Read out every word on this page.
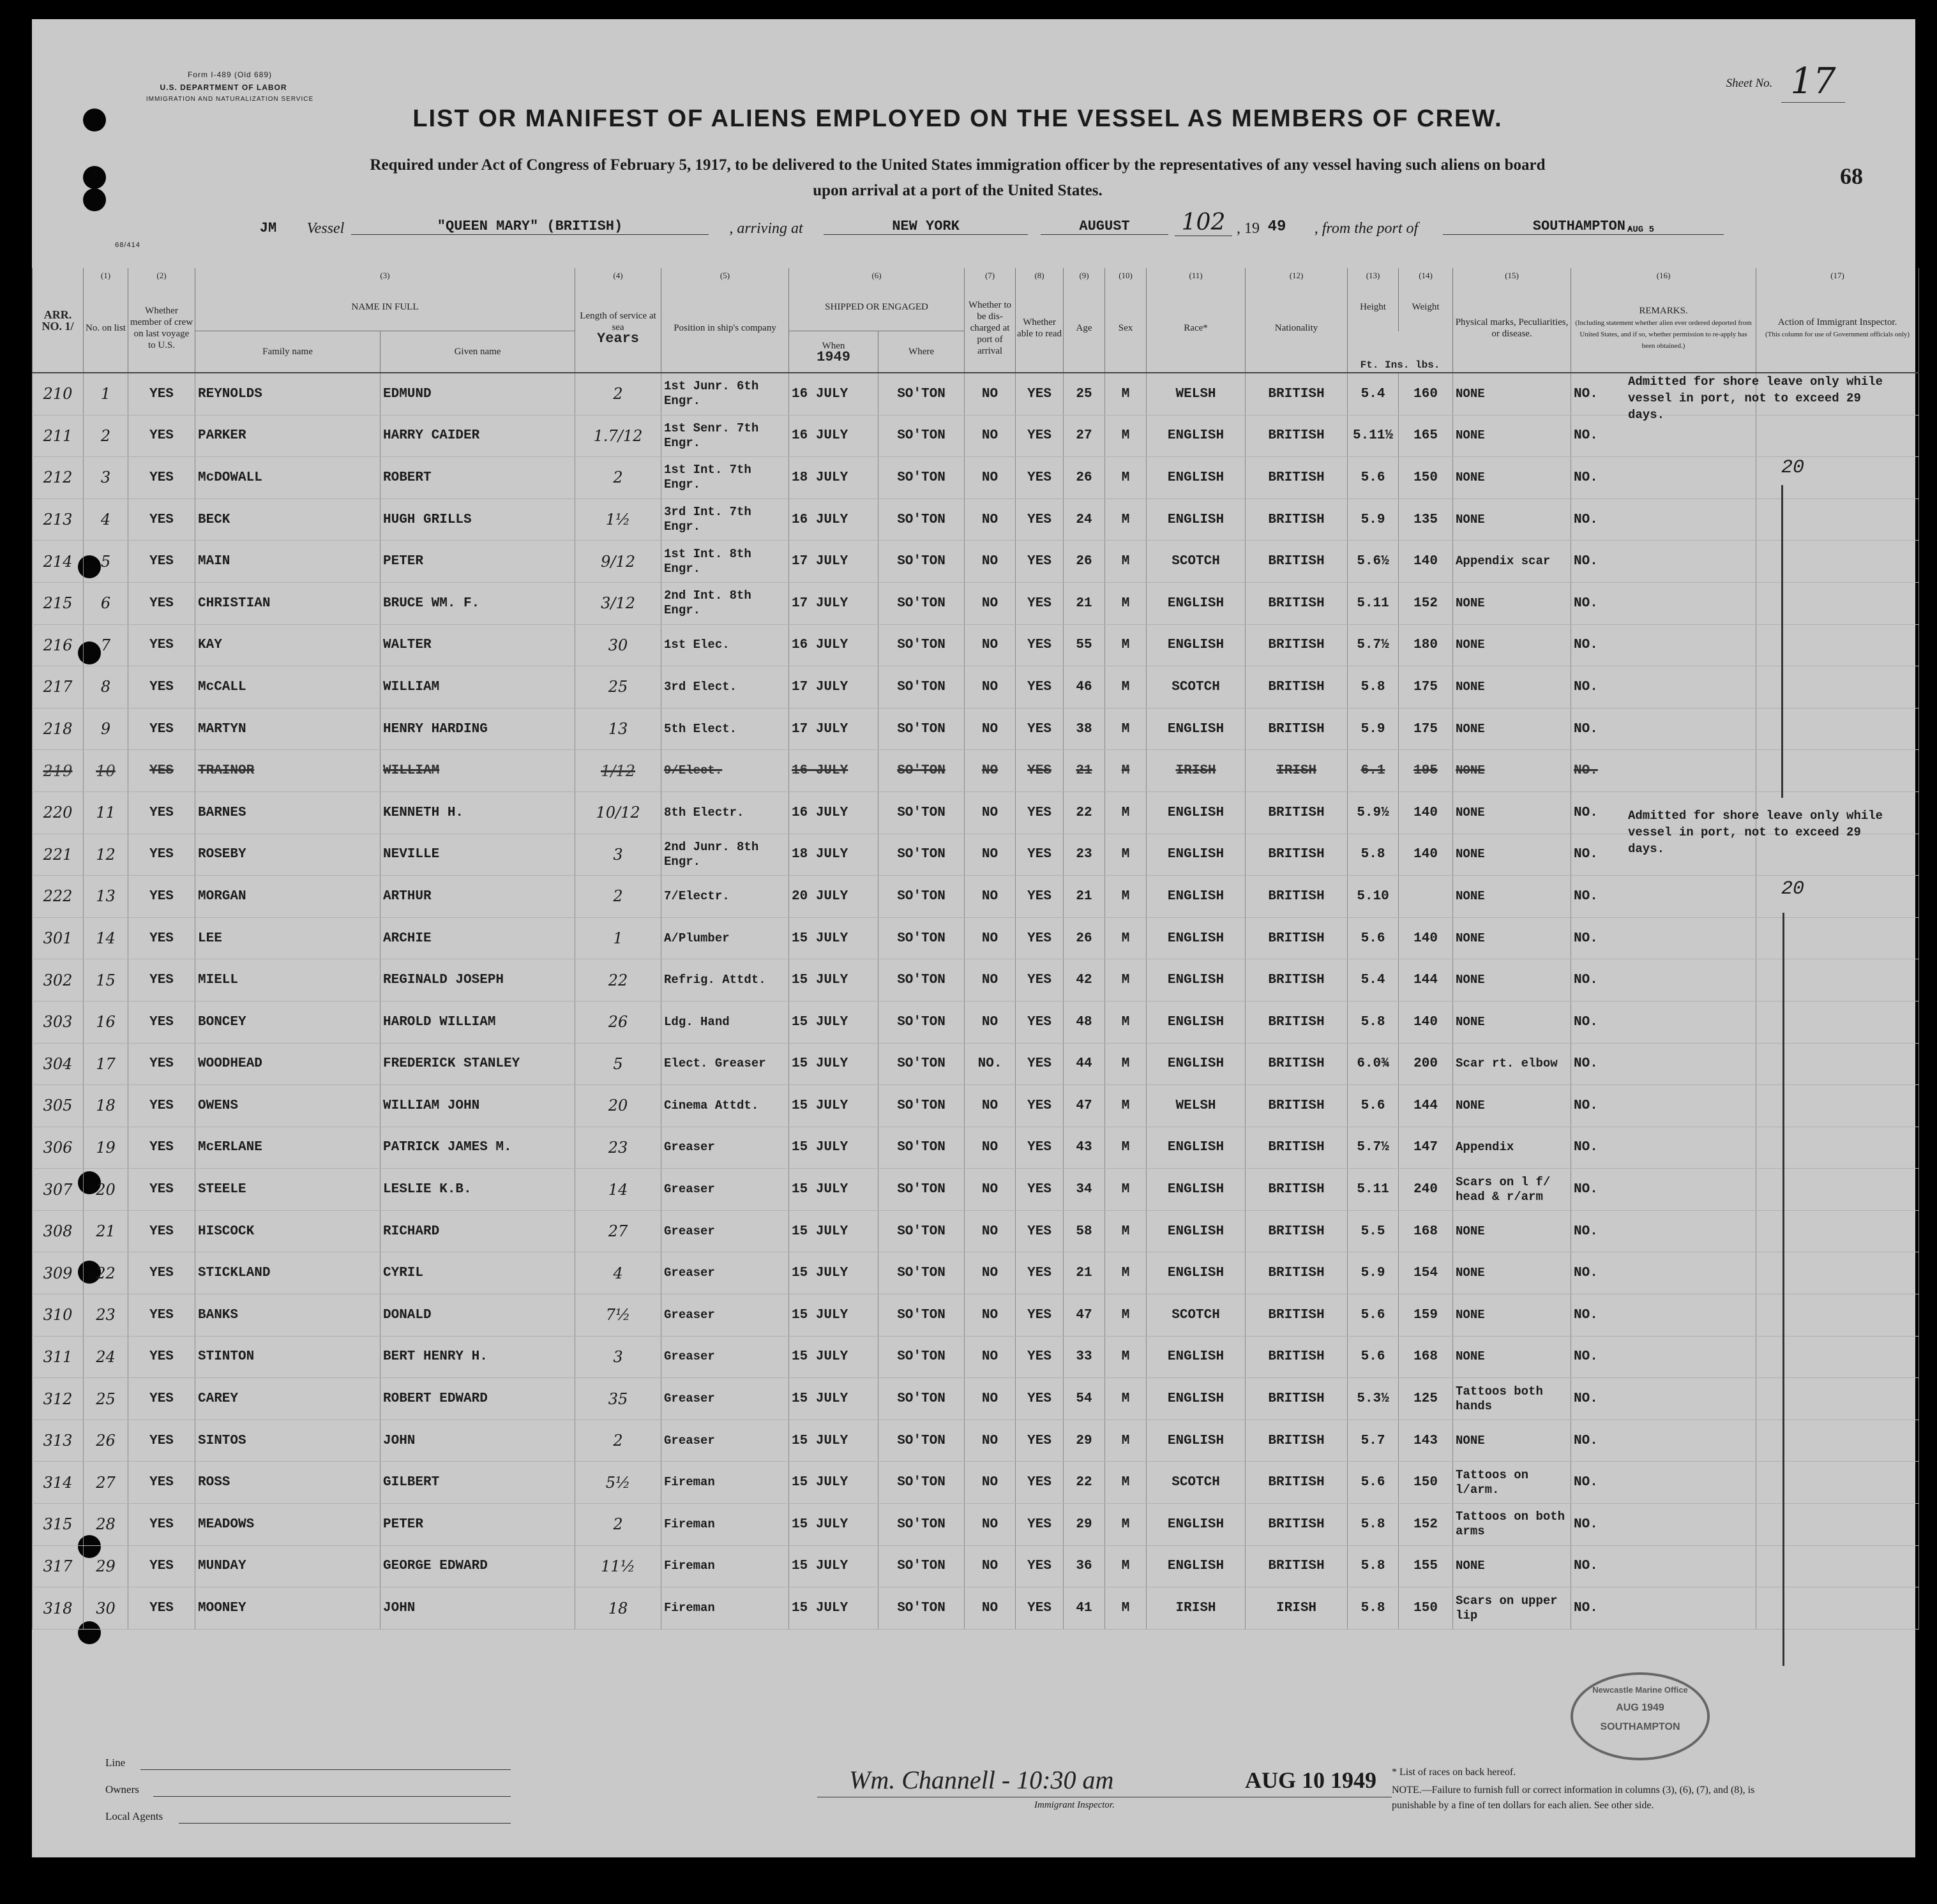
Form I-489 (Old 689)
U.S. DEPARTMENT OF LABOR
IMMIGRATION AND NATURALIZATION SERVICE
68/414
Sheet No. 17
68
LIST OR MANIFEST OF ALIENS EMPLOYED ON THE VESSEL AS MEMBERS OF CREW.
Required under Act of Congress of February 5, 1917, to be delivered to the United States immigration officer by the representatives of any vessel having such aliens on board
upon arrival at a port of the United States.
JM	Vessel	"QUEEN MARY" (BRITISH)	, arriving at	NEW YORK	AUGUST	102 , 19 49	, from the port of	SOUTHAMPTON.
AUG 5
ARR. NO. 1/	(1)	(2)	(3)		(4)	(5)	(6)		(7)	(8)	(9)	(10)	(11)	(12)	(13)	(14)	(15)	(16)	(17)
	No. on list	Whether member of crew on last voyage to U.S.	NAME IN FULL		Length of service at sea
Years	Position in ship's company	SHIPPED OR ENGAGED		Whether to be dis-charged at port of arrival	Whether able to read	Age	Sex	Race*	Nationality	Height	Weight	Physical marks, Peculiarities, or disease.	REMARKS.
(Including statement whether alien ever ordered deported from United States, and if so, whether permission to re-apply has been obtained.)	Action of Immigrant Inspector.
(This column for use of Government officials only)
			Family name	Given name			When
1949	Where							Ft. Ins. lbs.				
210	1	YES	REYNOLDS	EDMUND	2	1st Junr. 6th Engr.	16 JULY	SO'TON	NO	YES	25	M	WELSH	BRITISH	5.4	160	NONE	NO.	
211	2	YES	PARKER	HARRY CAIDER	1.7/12	1st Senr. 7th Engr.	16 JULY	SO'TON	NO	YES	27	M	ENGLISH	BRITISH	5.11½	165	NONE	NO.	
212	3	YES	McDOWALL	ROBERT	2	1st Int. 7th Engr.	18 JULY	SO'TON	NO	YES	26	M	ENGLISH	BRITISH	5.6	150	NONE	NO.	
213	4	YES	BECK	HUGH GRILLS	1½	3rd Int. 7th Engr.	16 JULY	SO'TON	NO	YES	24	M	ENGLISH	BRITISH	5.9	135	NONE	NO.	
214	5	YES	MAIN	PETER	9/12	1st Int. 8th Engr.	17 JULY	SO'TON	NO	YES	26	M	SCOTCH	BRITISH	5.6½	140	Appendix scar	NO.	
215	6	YES	CHRISTIAN	BRUCE WM. F.	3/12	2nd Int. 8th Engr.	17 JULY	SO'TON	NO	YES	21	M	ENGLISH	BRITISH	5.11	152	NONE	NO.	
216	7	YES	KAY	WALTER	30	1st Elec.	16 JULY	SO'TON	NO	YES	55	M	ENGLISH	BRITISH	5.7½	180	NONE	NO.	
217	8	YES	McCALL	WILLIAM	25	3rd Elect.	17 JULY	SO'TON	NO	YES	46	M	SCOTCH	BRITISH	5.8	175	NONE	NO.	
218	9	YES	MARTYN	HENRY HARDING	13	5th Elect.	17 JULY	SO'TON	NO	YES	38	M	ENGLISH	BRITISH	5.9	175	NONE	NO.	
219	10	YES	TRAINOR	WILLIAM	1/12	9/Elect.	16 JULY	SO'TON	NO	YES	21	M	IRISH	IRISH	6.1	195	NONE	NO.	
220	11	YES	BARNES	KENNETH H.	10/12	8th Electr.	16 JULY	SO'TON	NO	YES	22	M	ENGLISH	BRITISH	5.9½	140	NONE	NO.	
221	12	YES	ROSEBY	NEVILLE	3	2nd Junr. 8th Engr.	18 JULY	SO'TON	NO	YES	23	M	ENGLISH	BRITISH	5.8	140	NONE	NO.	
222	13	YES	MORGAN	ARTHUR	2	7/Electr.	20 JULY	SO'TON	NO	YES	21	M	ENGLISH	BRITISH	5.10		NONE	NO.	
301	14	YES	LEE	ARCHIE	1	A/Plumber	15 JULY	SO'TON	NO	YES	26	M	ENGLISH	BRITISH	5.6	140	NONE	NO.	
302	15	YES	MIELL	REGINALD JOSEPH	22	Refrig. Attdt.	15 JULY	SO'TON	NO	YES	42	M	ENGLISH	BRITISH	5.4	144	NONE	NO.	
303	16	YES	BONCEY	HAROLD WILLIAM	26	Ldg. Hand	15 JULY	SO'TON	NO	YES	48	M	ENGLISH	BRITISH	5.8	140	NONE	NO.	
304	17	YES	WOODHEAD	FREDERICK STANLEY	5	Elect. Greaser	15 JULY	SO'TON	NO.	YES	44	M	ENGLISH	BRITISH	6.0¾	200	Scar rt. elbow	NO.	
305	18	YES	OWENS	WILLIAM JOHN	20	Cinema Attdt.	15 JULY	SO'TON	NO	YES	47	M	WELSH	BRITISH	5.6	144	NONE	NO.	
306	19	YES	McERLANE	PATRICK JAMES M.	23	Greaser	15 JULY	SO'TON	NO	YES	43	M	ENGLISH	BRITISH	5.7½	147	Appendix	NO.	
307	20	YES	STEELE	LESLIE K.B.	14	Greaser	15 JULY	SO'TON	NO	YES	34	M	ENGLISH	BRITISH	5.11	240	Scars on l f/ head & r/arm	NO.	
308	21	YES	HISCOCK	RICHARD	27	Greaser	15 JULY	SO'TON	NO	YES	58	M	ENGLISH	BRITISH	5.5	168	NONE	NO.	
309	22	YES	STICKLAND	CYRIL	4	Greaser	15 JULY	SO'TON	NO	YES	21	M	ENGLISH	BRITISH	5.9	154	NONE	NO.	
310	23	YES	BANKS	DONALD	7½	Greaser	15 JULY	SO'TON	NO	YES	47	M	SCOTCH	BRITISH	5.6	159	NONE	NO.	
311	24	YES	STINTON	BERT HENRY H.	3	Greaser	15 JULY	SO'TON	NO	YES	33	M	ENGLISH	BRITISH	5.6	168	NONE	NO.	
312	25	YES	CAREY	ROBERT EDWARD	35	Greaser	15 JULY	SO'TON	NO	YES	54	M	ENGLISH	BRITISH	5.3½	125	Tattoos both hands	NO.	
313	26	YES	SINTOS	JOHN	2	Greaser	15 JULY	SO'TON	NO	YES	29	M	ENGLISH	BRITISH	5.7	143	NONE	NO.	
314	27	YES	ROSS	GILBERT	5½	Fireman	15 JULY	SO'TON	NO	YES	22	M	SCOTCH	BRITISH	5.6	150	Tattoos on l/arm.	NO.	
315	28	YES	MEADOWS	PETER	2	Fireman	15 JULY	SO'TON	NO	YES	29	M	ENGLISH	BRITISH	5.8	152	Tattoos on both arms	NO.	
317	29	YES	MUNDAY	GEORGE EDWARD	11½	Fireman	15 JULY	SO'TON	NO	YES	36	M	ENGLISH	BRITISH	5.8	155	NONE	NO.	
318	30	YES	MOONEY	JOHN	18	Fireman	15 JULY	SO'TON	NO	YES	41	M	IRISH	IRISH	5.8	150	Scars on upper lip	NO.	
Admitted for shore leave only while vessel in port, not to exceed 29 days.
Admitted for shore leave only while vessel in port, not to exceed 29 days.
20
20
Line
Owners
Local Agents
Wm. Channell - 10:30 am	AUG 10 1949
Immigrant Inspector.
* List of races on back hereof.
NOTE.—Failure to furnish full or correct information in columns (3), (6), (7), and (8), is
punishable by a fine of ten dollars for each alien. See other side.
Newcastle Marine Office
AUG 1949
SOUTHAMPTON
